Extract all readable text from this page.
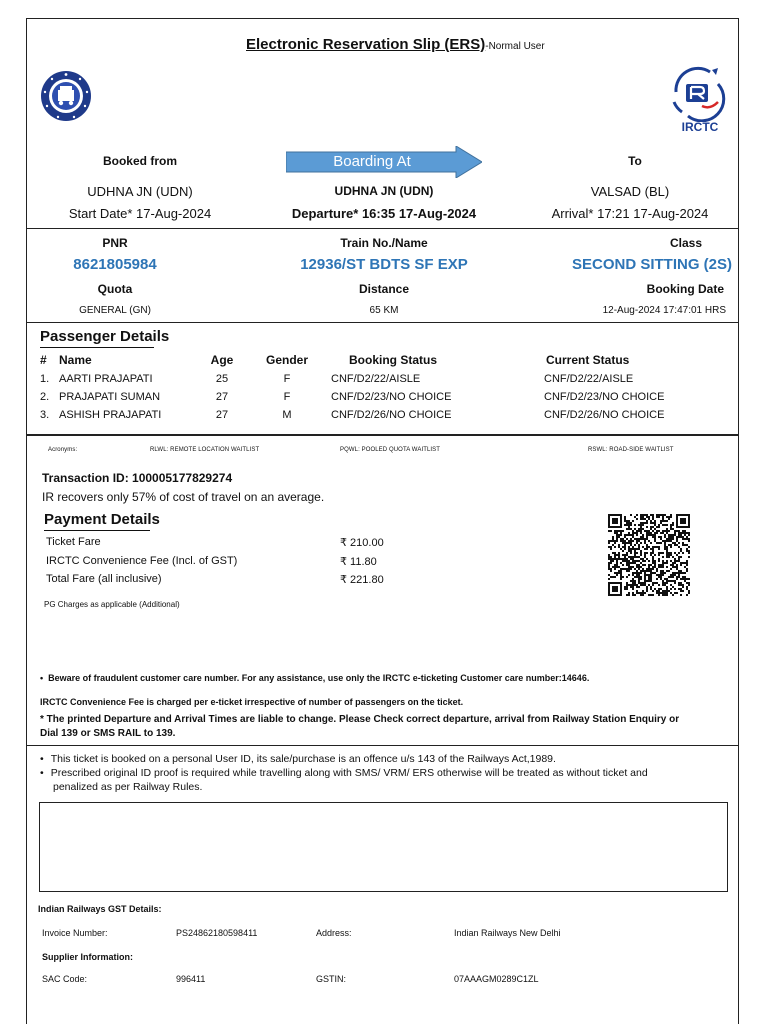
Electronic Reservation Slip (ERS)-Normal User
IRCTC
Booked from	Boarding At	To
UDHNA JN (UDN)	UDHNA JN (UDN)	VALSAD (BL)
Start Date* 17-Aug-2024	Departure* 16:35 17-Aug-2024	Arrival* 17:21 17-Aug-2024
PNR	Train No./Name	Class
8621805984	12936/ST BDTS SF EXP	SECOND SITTING (2S)
Quota	Distance	Booking Date
GENERAL (GN)	65 KM	12-Aug-2024 17:47:01 HRS
Passenger Details
# Name	Age	Gender	Booking Status	Current Status
1. AARTI PRAJAPATI	25	F	CNF/D2/22/AISLE	CNF/D2/22/AISLE
2. PRAJAPATI SUMAN	27	F	CNF/D2/23/NO CHOICE	CNF/D2/23/NO CHOICE
3. ASHISH PRAJAPATI	27	M	CNF/D2/26/NO CHOICE	CNF/D2/26/NO CHOICE
Acronyms:	RLWL: REMOTE LOCATION WAITLIST	PQWL: POOLED QUOTA WAITLIST	RSWL: ROAD-SIDE WAITLIST
Transaction ID: 100005177829274
IR recovers only 57% of cost of travel on an average.
Payment Details
Ticket Fare	₹ 210.00
IRCTC Convenience Fee (Incl. of GST)	₹ 11.80
Total Fare (all inclusive)	₹ 221.80
PG Charges as applicable (Additional)
• Beware of fraudulent customer care number. For any assistance, use only the IRCTC e-ticketing Customer care number:14646.
IRCTC Convenience Fee is charged per e-ticket irrespective of number of passengers on the ticket.
* The printed Departure and Arrival Times are liable to change. Please Check correct departure, arrival from Railway Station Enquiry or
Dial 139 or SMS RAIL to 139.
• This ticket is booked on a personal User ID, its sale/purchase is an offence u/s 143 of the Railways Act,1989.
• Prescribed original ID proof is required while travelling along with SMS/ VRM/ ERS otherwise will be treated as without ticket and
penalized as per Railway Rules.
Indian Railways GST Details:
Invoice Number:	PS24862180598411	Address:	Indian Railways New Delhi
Supplier Information:
SAC Code:	996411	GSTIN:	07AAAGM0289C1ZL
